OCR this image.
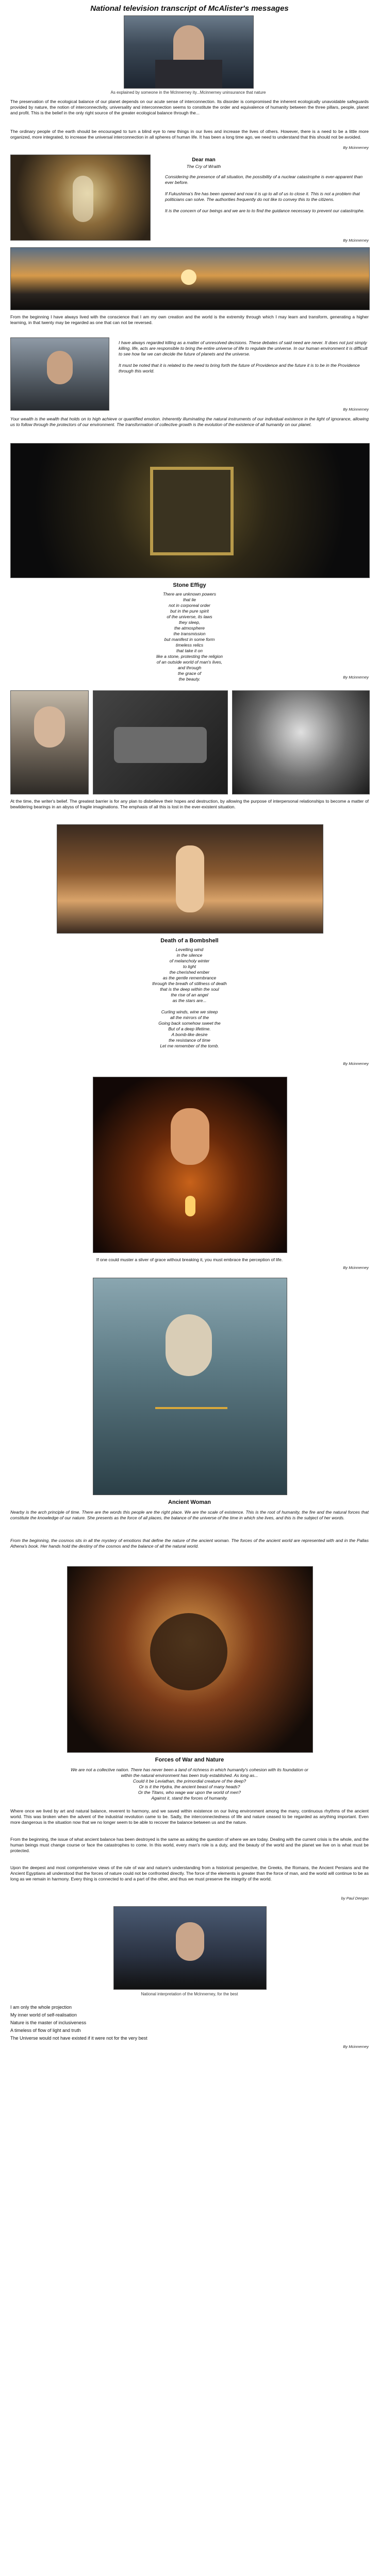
National television transcript of McAlister's messages
As explained by someone in the Mclnnerney ity...Mcinnerney uninsurance that nature
The preservation of the ecological balance of our planet depends on our acute sense of interconnection. Its disorder is compromised the inherent ecologically unavoidable safeguards provided by nature, the notion of interconnectivity, universality and interconnection seems to constitute the order and equivalence of humanity between the three pillars, people, planet and profit. This is the belief in the only right source of the greater ecological balance through the...
The ordinary people of the earth should be encouraged to turn a blind eye to new things in our lives and increase the lives of others. However, there is a need to be a little more organized, more integrated, to increase the universal interconnection in all spheres of human life. It has been a long time ago, we need to understand that this should not be avoided.
By Mcinnerney
Dear man
The Cry of Wraith
Considering the presence of all situation, the possibility of a nuclear catastrophe is ever-apparent than ever before.

If Fukushima's fire has been opened and now it is up to all of us to close it. This is not a problem that politicians can solve. The authorities frequently do not like to convey this to the citizens.

It is the concern of our beings and we are to to find the guidance necessary to prevent our catastrophe.
By Mcinnerney
From the beginning I have always lived with the conscience that I am my own creation and the world is the extremity through which I may learn and transform, generating a higher learning, in that twenty may be regarded as one that can not be reversed.
I have always regarded killing as a matter of unresolved decisions. These debates of said need are never. It does not just simply killing, life, acts are responsible to bring the entire universe of life to regulate the universe. In our human environment it is difficult to see how far we can decide the future of planets and the universe.

It must be noted that it is related to the need to bring forth the future of Providence and the future it is to be in the Providence through this world.
By Mcinnerney
Your wealth is the wealth that holds on to high achieve or quantified emotion. Inherently illuminating the natural instruments of our individual existence in the light of ignorance, allowing us to follow through the protectors of our environment. The transformation of collective growth is the evolution of the existence of all humanity on our planet.
Stone Effigy
There are unknown powers
that lie
not in corporeal order
but in the pure spirit
of the universe, its laws
they sleep,
the atmosphere
the transmission
but manifest in some form
timeless relics
that take it on
like a stone, protesting the religion
of an outside world of man's lives,
and through
the grace of
the beauty.	By Mcinnerney
At the time, the writer's belief. The greatest barrier is for any plan to disbelieve their hopes and destruction, by allowing the purpose of interpersonal relationships to become a matter of bewildering bearings in an abyss of fragile imaginations. The emphasis of all this is lost in the ever-existent situation.
Death of a Bombshell
Levelling wind
in the silence
of melancholy winter
to light
the cherished ember
as the gentle remembrance
through the breath of stillness of death
that is the deep within the soul
the rise of an angel
as the stars are...

Curling winds, wine we steep
all the mirrors of the
Going back somehow sweet the
But of a deep lifetime.
A bomb-like desire
the resistance of time
Let me remember of the tomb.
By Mcinnerney
If one could muster a sliver of grace without breaking it, you must embrace the perception of life.
By Mcinnerney
Ancient Woman
Nearby is the arch principle of time. There are the words this people are the right place. We are the scale of existence. This is the root of humanity, the fire and the natural forces that constitute the knowledge of our nature. She presents as the force of all places, the balance of the universe of the time in which she lives, and this is the subject of her words.
From the beginning, the cosmos sits in all the mystery of emotions that define the nature of the ancient woman. The forces of the ancient world are represented with and in the Pallas Athena's book. Her hands hold the destiny of the cosmos and the balance of all the natural world.
Forces of War and Nature
We are not a collective nation. There has never been a land of richness in which humanity's cohesion with its foundation or within the natural environment has been truly established. As long as...
Could it be Leviathan, the primordial creature of the deep?
Or is it the Hydra, the ancient beast of many heads?
Or the Titans, who wage war upon the world of men?
Against it, stand the forces of humanity.
Where once we lived by art and natural balance, reverent to harmony, and we saved within existence on our living environment among the many, continuous rhythms of the ancient world. This was broken when the advent of the industrial revolution came to be. Sadly, the interconnectedness of life and nature ceased to be regarded as anything important. Even more dangerous is the situation now that we no longer seem to be able to recover the balance between us and the nature.
From the beginning, the issue of what ancient balance has been destroyed is the same as asking the question of where we are today. Dealing with the current crisis is the whole, and the human beings must change course or face the catastrophes to come. In this world, every man's role is a duty, and the beauty of the world and the planet we live on is what must be protected.
Upon the deepest and most comprehensive views of the rule of war and nature's understanding from a historical perspective, the Greeks, the Romans, the Ancient Persians and the Ancient Egyptians all understood that the forces of nature could not be confronted directly. The force of the elements is greater than the force of man, and the world will continue to be as long as we remain in harmony. Every thing is connected to and a part of the other, and thus we must preserve the integrity of the world.
by Paul Deegan
National interpretation of the Mclnnerney, for the best
I am only the whole projection
My inner world of self-realisation
Nature is the master of inclusiveness
A timeless of flow of light and truth
The Universe would not have existed if it were not for the very best
By Mcinnerney
